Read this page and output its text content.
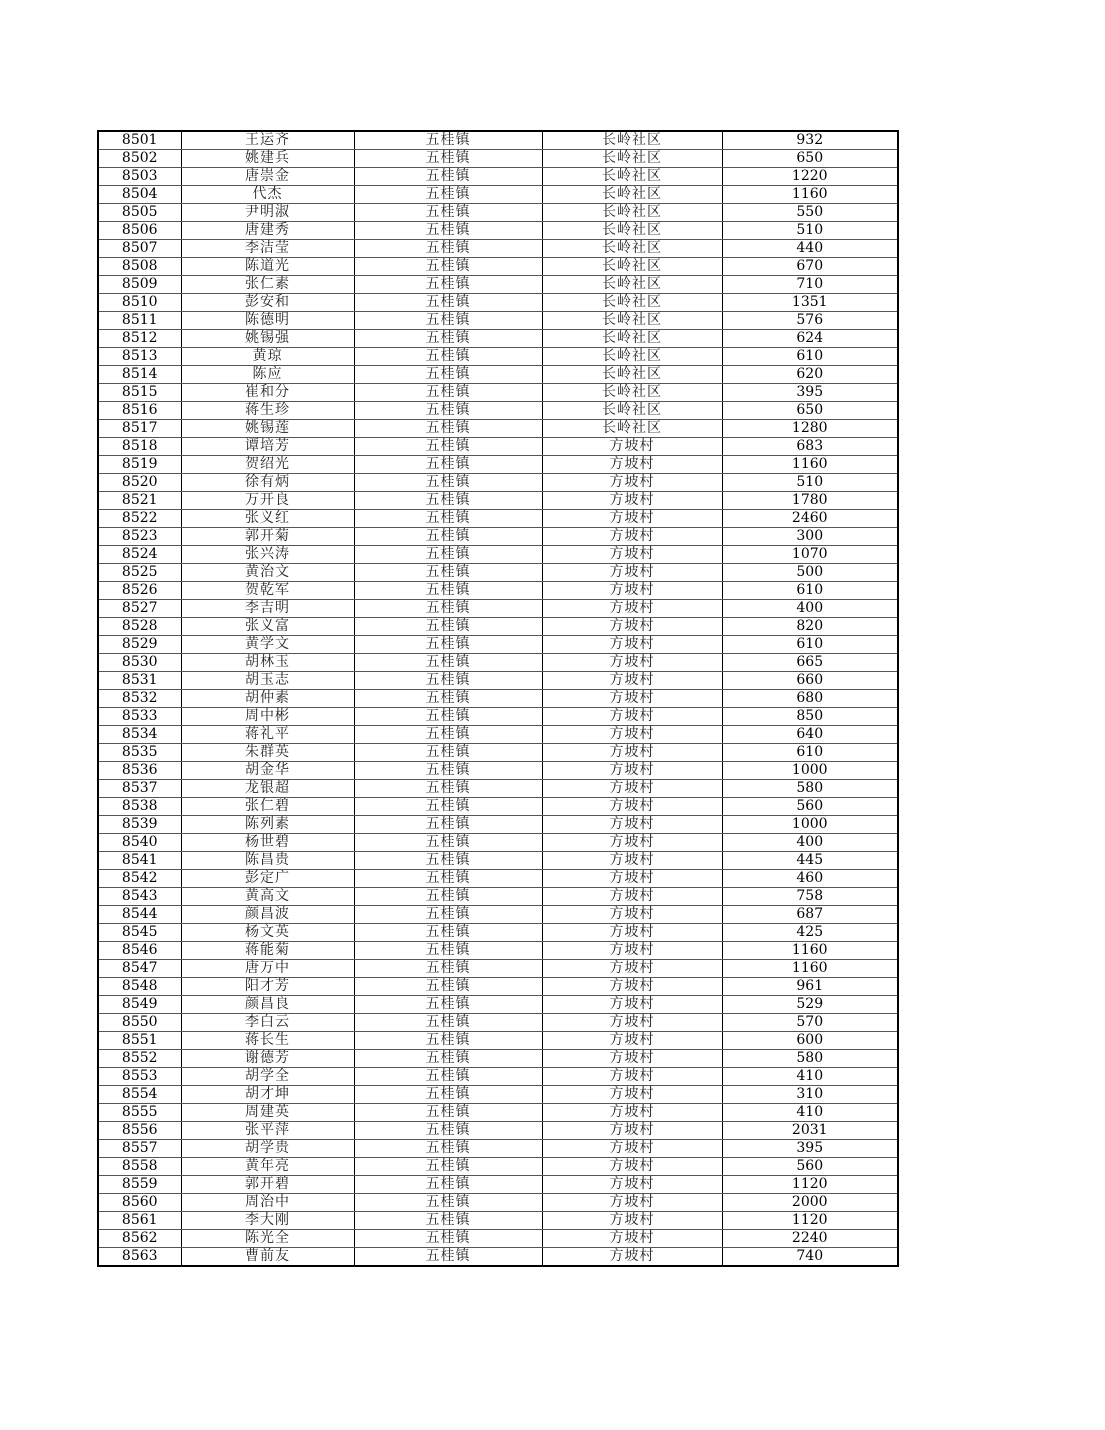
8501	王运齐	五桂镇	长岭社区	932
8502	姚建兵	五桂镇	长岭社区	650
8503	唐崇金	五桂镇	长岭社区	1220
8504	代杰	五桂镇	长岭社区	1160
8505	尹明淑	五桂镇	长岭社区	550
8506	唐建秀	五桂镇	长岭社区	510
8507	李洁莹	五桂镇	长岭社区	440
8508	陈道光	五桂镇	长岭社区	670
8509	张仁素	五桂镇	长岭社区	710
8510	彭安和	五桂镇	长岭社区	1351
8511	陈德明	五桂镇	长岭社区	576
8512	姚锡强	五桂镇	长岭社区	624
8513	黄琼	五桂镇	长岭社区	610
8514	陈应	五桂镇	长岭社区	620
8515	崔和分	五桂镇	长岭社区	395
8516	蒋生珍	五桂镇	长岭社区	650
8517	姚锡莲	五桂镇	长岭社区	1280
8518	谭培芳	五桂镇	方坡村	683
8519	贺绍光	五桂镇	方坡村	1160
8520	徐有炳	五桂镇	方坡村	510
8521	万开良	五桂镇	方坡村	1780
8522	张义红	五桂镇	方坡村	2460
8523	郭开菊	五桂镇	方坡村	300
8524	张兴涛	五桂镇	方坡村	1070
8525	黄治文	五桂镇	方坡村	500
8526	贺乾军	五桂镇	方坡村	610
8527	李吉明	五桂镇	方坡村	400
8528	张义富	五桂镇	方坡村	820
8529	黄学文	五桂镇	方坡村	610
8530	胡林玉	五桂镇	方坡村	665
8531	胡玉志	五桂镇	方坡村	660
8532	胡仲素	五桂镇	方坡村	680
8533	周中彬	五桂镇	方坡村	850
8534	蒋礼平	五桂镇	方坡村	640
8535	朱群英	五桂镇	方坡村	610
8536	胡金华	五桂镇	方坡村	1000
8537	龙银超	五桂镇	方坡村	580
8538	张仁碧	五桂镇	方坡村	560
8539	陈列素	五桂镇	方坡村	1000
8540	杨世碧	五桂镇	方坡村	400
8541	陈昌贵	五桂镇	方坡村	445
8542	彭定广	五桂镇	方坡村	460
8543	黄高文	五桂镇	方坡村	758
8544	颜昌波	五桂镇	方坡村	687
8545	杨文英	五桂镇	方坡村	425
8546	蒋能菊	五桂镇	方坡村	1160
8547	唐万中	五桂镇	方坡村	1160
8548	阳才芳	五桂镇	方坡村	961
8549	颜昌良	五桂镇	方坡村	529
8550	李白云	五桂镇	方坡村	570
8551	蒋长生	五桂镇	方坡村	600
8552	谢德芳	五桂镇	方坡村	580
8553	胡学全	五桂镇	方坡村	410
8554	胡才坤	五桂镇	方坡村	310
8555	周建英	五桂镇	方坡村	410
8556	张平萍	五桂镇	方坡村	2031
8557	胡学贵	五桂镇	方坡村	395
8558	黄年亮	五桂镇	方坡村	560
8559	郭开碧	五桂镇	方坡村	1120
8560	周治中	五桂镇	方坡村	2000
8561	李大刚	五桂镇	方坡村	1120
8562	陈光全	五桂镇	方坡村	2240
8563	曹前友	五桂镇	方坡村	740
